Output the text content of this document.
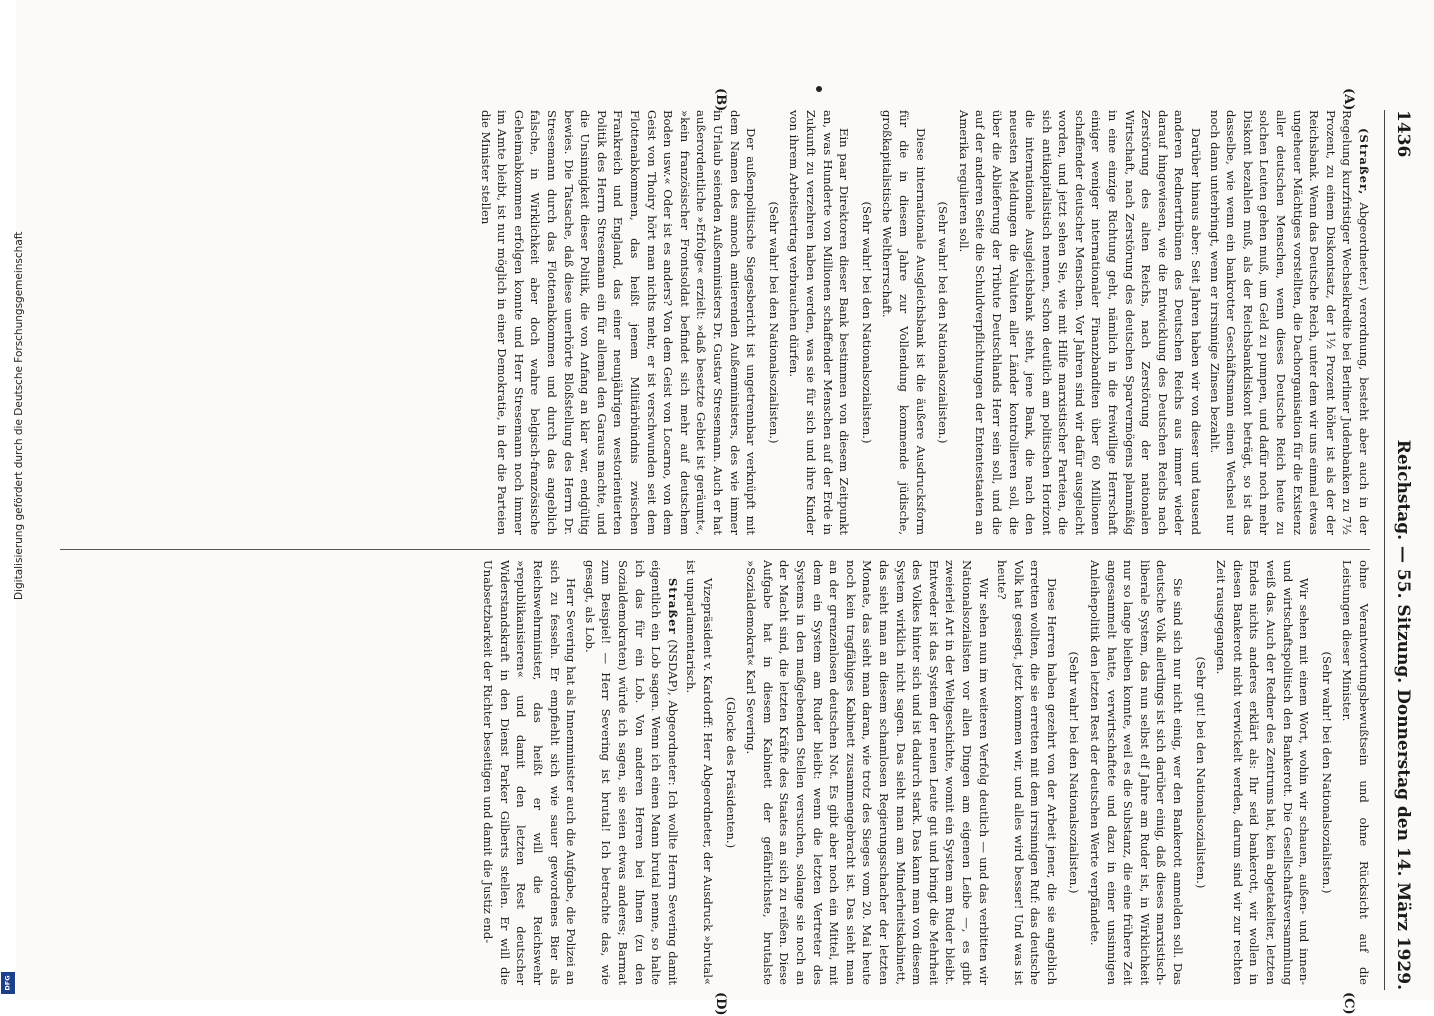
1436
Reichstag. — 55. Sitzung. Donnerstag den 14. März 1929.
(A)
(B)
(C)
(D)

(Straßer, Abgeordneter.) verordnung, besteht aber auch in der Regelung kurzfristiger Wechselkredite bei Berliner Judenbanken zu 7½ Prozent, zu einem Diskontsatz, der 1½ Prozent höher ist als der der Reichsbank. Wenn das Deutsche Reich, unter dem wir uns einmal etwas ungeheuer Mächtiges vorstellten, die Dachorganisation für die Existenz aller deutschen Menschen, wenn dieses Deutsche Reich heute zu solchen Leuten gehen muß, um Geld zu pumpen, und dafür noch mehr Diskont bezahlen muß, als der Reichsbankdiskont beträgt, so ist das dasselbe, wie wenn ein bankrotter Geschäftsmann einen Wechsel nur noch dann unterbringt, wenn er irrsinnige Zinsen bezahlt.

Darüber hinaus aber: Seit Jahren haben wir von dieser und tausend anderen Rednertribünen des Deutschen Reichs aus immer wieder darauf hingewiesen, wie die Entwicklung des Deutschen Reichs nach Zerstörung des alten Reichs, nach Zerstörung der nationalen Wirtschaft, nach Zerstörung des deutschen Sparvermögens planmäßig in eine einzige Richtung geht, nämlich in die freiwillige Herrschaft einiger weniger internationaler Finanzbanditen über 60 Millionen schaffender deutscher Menschen. Vor Jahren sind wir dafür ausgelacht worden, und jetzt sehen Sie, wie mit Hilfe marxistischer Parteien, die sich antikapitalistisch nennen, schon deutlich am politischen Horizont die internationale Ausgleichsbank steht, jene Bank, die nach den neuesten Meldungen die Valuten aller Länder kontrollieren soll, die über die Ablieferung der Tribute Deutschlands Herr sein soll, und die auf der anderen Seite die Schuldverpflichtungen der Ententestaaten an Amerika regulieren soll.

(Sehr wahr! bei den Nationalsozialisten.)

Diese internationale Ausgleichsbank ist die äußere Ausdrucksform für die in diesem Jahre zur Vollendung kommende jüdische, großkapitalistische Weltherrschaft.

(Sehr wahr! bei den Nationalsozialisten.)

Ein paar Direktoren dieser Bank bestimmen von diesem Zeitpunkt an, was Hunderte von Millionen schaffender Menschen auf der Erde in Zukunft zu verzehren haben werden, was sie für sich und ihre Kinder von ihrem Arbeitsertrag verbrauchen dürfen.

(Sehr wahr! bei den Nationalsozialisten.)

Der außenpolitische Siegesbericht ist ungetrennbar verknüpft mit dem Namen des annoch amtierenden Außenministers, des wie immer in Urlaub seienden Außenministers Dr. Gustav Stresemann. Auch er hat außerordentliche »Erfolge« erzielt: »daß besetzte Gebiet ist geräumt«, »kein französischer Frontsoldat befindet sich mehr auf deutschem Boden usw.« Oder ist es anders? Von dem Geist von Locarno, von dem Geist von Thoiry hört man nichts mehr, er ist verschwunden seit dem Flottenabkommen, das heißt jenem Militärbündnis zwischen Frankreich und England, das einer neunjährigen westorientierten Politik des Herrn Stresemann ein für allemal den Garaus machte, und die Unsinnigkeit dieser Politik, die von Anfang an klar war, endgültig bewies. Die Tatsache, daß diese unerhörte Bloßstellung des Herrn Dr. Stresemann durch das Flottenabkommen und durch das angeblich falsche, in Wirklichkeit aber doch wahre belgisch-französische Geheimabkommen erfolgen konnte und Herr Stresemann noch immer im Amte bleibt, ist nur möglich in einer Demokratie, in der die Parteien die Minister stellen

ohne Verantwortungsbewußtsein und ohne Rücksicht auf die Leistungen dieser Minister.

(Sehr wahr! bei den Nationalsozialisten.)

Wir sehen mit einem Wort, wohin wir schauen, außen- und innen- und wirtschaftspolitisch den Bankerott. Die Gesellschaftsversammlung weiß das. Auch der Redner des Zentrums hat, kein abgetakelter, letzten Endes nichts anderes erklärt als: Ihr seid bankerott, wir wollen in diesen Bankerott nicht verwickelt werden, darum sind wir zur rechten Zeit rausgegangen.

(Sehr gut! bei den Nationalsozialisten.)

Sie sind sich nur nicht einig, wer den Bankerott anmelden soll. Das deutsche Volk allerdings ist sich darüber einig, daß dieses marxistisch-liberale System, das nun selbst elf Jahre am Ruder ist, in Wirklichkeit nur so lange bleiben konnte, weil es die Substanz, die eine frühere Zeit angesammelt hatte, verwirtschaftete und dazu in einer unsinnigen Anleihepolitik den letzten Rest der deutschen Werte verpfändete.

(Sehr wahr! bei den Nationalsozialisten.)

Diese Herren haben gezehrt von der Arbeit jener, die sie angeblich erretten wollten, die sie erretten mit dem irrsinnigen Ruf: das deutsche Volk hat gesiegt, jetzt kommen wir, und alles wird besser! Und was ist heute?

Wir sehen nun im weiteren Verfolg deutlich — und das verbitten wir Nationalsozialisten vor allen Dingen am eigenen Leibe —, es gibt zweierlei Art in der Weltgeschichte, womit ein System am Ruder bleibt. Entweder ist das System der neuen Leute gut und bringt die Mehrheit des Volkes hinter sich und ist dadurch stark. Das kann man von diesem System wirklich nicht sagen. Das sieht man am Minderheitskabinett, das sieht man an diesem schamlosen Regierungsschacher der letzten Monate, das sieht man daran, wie trotz des Sieges vom 20. Mai heute noch kein tragfähiges Kabinett zusammengebracht ist. Das sieht man an der grenzenlosen deutschen Not. Es gibt aber noch ein Mittel, mit dem ein System am Ruder bleibt: wenn die letzten Vertreter des Systems in den maßgebenden Stellen versuchen, solange sie noch an der Macht sind, die letzten Kräfte des Staates an sich zu reißen. Diese Aufgabe hat in diesem Kabinett der gefährlichste, brutalste »Sozialdemokrat« Karl Severing.

(Glocke des Präsidenten.)

Vizepräsident v. Kardorff: Herr Abgeordneter, der Ausdruck »brutal« ist unparlamentarisch.

Straßer (NSDAP), Abgeordneter: Ich wollte Herrn Severing damit eigentlich ein Lob sagen. Wenn ich einen Mann brutal nenne, so halte ich das für ein Lob. Von anderen Herren bei Ihnen (zu den Sozialdemokraten) würde ich sagen, sie seien etwas anderes; Barmat zum Beispiel! — Herr Severing ist brutal! Ich betrachte das, wie gesagt, als Lob.

Herr Severing hat als Innenminister auch die Aufgabe, die Polizei an sich zu fesseln. Er empfiehlt sich wie sauer gewordenes Bier als Reichswehrminister, das heißt er will die Reichswehr »republikanisieren« und damit den letzten Rest deutscher Widerstandskraft in den Dienst Parker Gilberts stellen. Er will die Unabsetzbarkeit der Richter beseitigen und damit die Justiz end-

Digitalisierung gefördert durch die Deutsche Forschungsgemeinschaft
DFG
